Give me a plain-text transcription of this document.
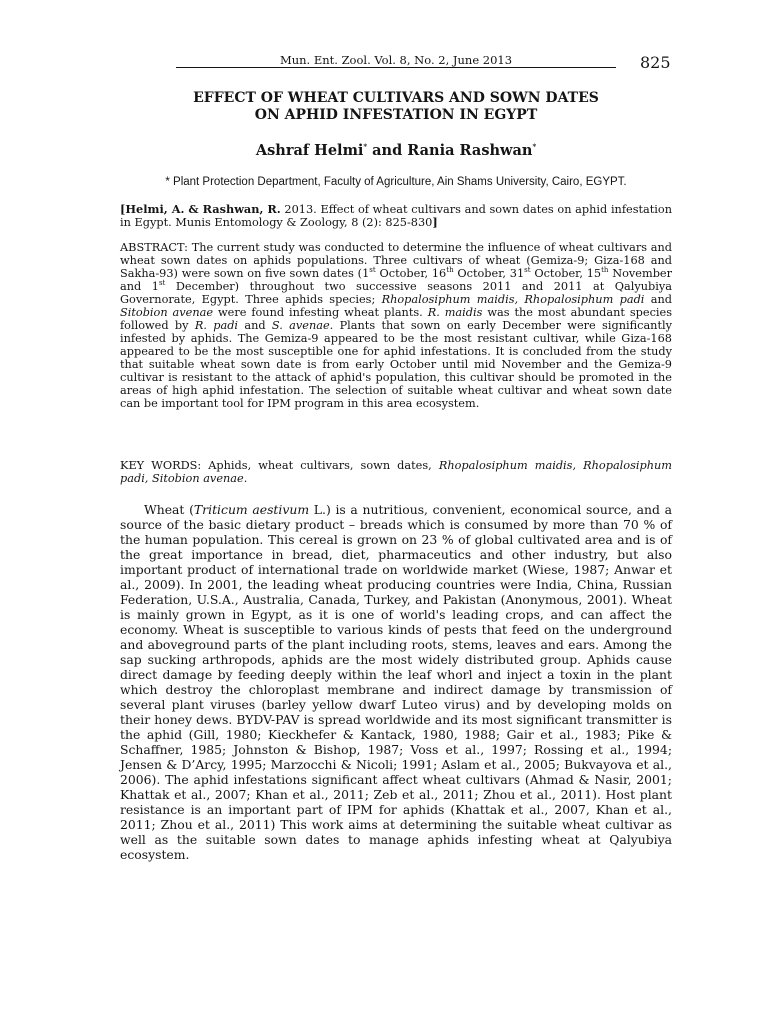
Mun. Ent. Zool. Vol. 8, No. 2, June 2013	825
EFFECT OF WHEAT CULTIVARS AND SOWN DATES
ON APHID INFESTATION IN EGYPT
Ashraf Helmi* and Rania Rashwan*
* Plant Protection Department, Faculty of Agriculture, Ain Shams University, Cairo, EGYPT.
[Helmi, A. & Rashwan, R. 2013. Effect of wheat cultivars and sown dates on aphid infestation in Egypt. Munis Entomology & Zoology, 8 (2): 825-830]
ABSTRACT: The current study was conducted to determine the influence of wheat cultivars and wheat sown dates on aphids populations. Three cultivars of wheat (Gemiza-9; Giza-168 and Sakha-93) were sown on five sown dates (1st October, 16th October, 31st October, 15th November and 1st December) throughout two successive seasons 2011 and 2011 at Qalyubiya Governorate, Egypt. Three aphids species; Rhopalosiphum maidis, Rhopalosiphum padi and Sitobion avenae were found infesting wheat plants. R. maidis was the most abundant species followed by R. padi and S. avenae. Plants that sown on early December were significantly infested by aphids. The Gemiza-9 appeared to be the most resistant cultivar, while Giza-168 appeared to be the most susceptible one for aphid infestations. It is concluded from the study that suitable wheat sown date is from early October until mid November and the Gemiza-9 cultivar is resistant to the attack of aphid's population, this cultivar should be promoted in the areas of high aphid infestation. The selection of suitable wheat cultivar and wheat sown date can be important tool for IPM program in this area ecosystem.
KEY WORDS: Aphids, wheat cultivars, sown dates, Rhopalosiphum maidis, Rhopalosiphum padi, Sitobion avenae.

Wheat (Triticum aestivum L.) is a nutritious, convenient, economical source, and a source of the basic dietary product – breads which is consumed by more than 70 % of the human population. This cereal is grown on 23 % of global cultivated area and is of the great importance in bread, diet, pharmaceutics and other industry, but also important product of international trade on worldwide market (Wiese, 1987; Anwar et al., 2009). In 2001, the leading wheat producing countries were India, China, Russian Federation, U.S.A., Australia, Canada, Turkey, and Pakistan (Anonymous, 2001). Wheat is mainly grown in Egypt, as it is one of world's leading crops, and can affect the economy. Wheat is susceptible to various kinds of pests that feed on the underground and aboveground parts of the plant including roots, stems, leaves and ears. Among the sap sucking arthropods, aphids are the most widely distributed group. Aphids cause direct damage by feeding deeply within the leaf whorl and inject a toxin in the plant which destroy the chloroplast membrane and indirect damage by transmission of several plant viruses (barley yellow dwarf Luteo virus) and by developing molds on their honey dews. BYDV-PAV is spread worldwide and its most significant transmitter is the aphid (Gill, 1980; Kieckhefer & Kantack, 1980, 1988; Gair et al., 1983; Pike & Schaffner, 1985; Johnston & Bishop, 1987; Voss et al., 1997; Rossing et al., 1994; Jensen & D’Arcy, 1995; Marzocchi & Nicoli; 1991; Aslam et al., 2005; Bukvayova et al., 2006). The aphid infestations significant affect wheat cultivars (Ahmad & Nasir, 2001; Khattak et al., 2007; Khan et al., 2011; Zeb et al., 2011; Zhou et al., 2011). Host plant resistance is an important part of IPM for aphids (Khattak et al., 2007, Khan et al., 2011; Zhou et al., 2011) This work aims at determining the suitable wheat cultivar as well as the suitable sown dates to manage aphids infesting wheat at Qalyubiya ecosystem.
